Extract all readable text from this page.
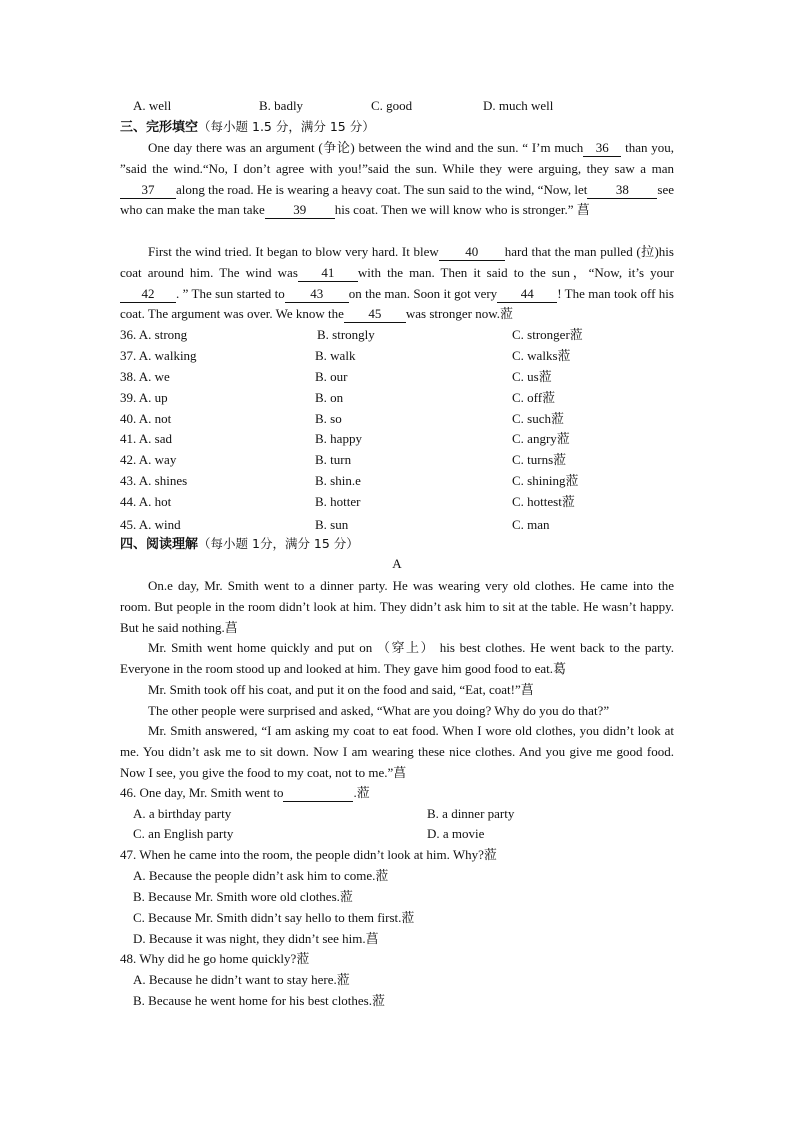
A. well	B. badly	C. good	D. much well
三、完形填空（每小题 1.5 分，满分 15 分）
One day there was an argument (争论) between the wind and the sun. “ I’m much 36 than you, ”said the wind.“No, I don’t agree with you!”said the sun. While they were arguing, they saw a man37 along the road. He is wearing a heavy coat. The sun said to the wind, “Now, let 38 see who can make the man take 39 his coat. Then we will know who is stronger.” 菖
First the wind tried. It began to blow very hard. It blew 40 hard that the man pulled (拉)his coat around him. The wind was 41 with the man. Then it said to the sun，“Now, it’s your 42 . ” The sun started to 43 on the man. Soon it got very 44 ! The man took off his coat. The argument was over. We know the 45 was stronger now.蒞
36. A. strong	B. strongly	C. stronger蒞
37. A. walking	B. walk	C. walks蒞
38. A. we	B. our	C. us蒞
39. A. up	B. on	C. off蒞
40. A. not	B. so	C. such蒞
41. A. sad	B. happy	C. angry蒞
42. A. way	B. turn	C. turns蒞
43. A. shines	B. shin.e	C. shining蒞
44. A. hot	B. hotter	C. hottest蒞
45. A. wind	B. sun	C. man
四、阅读理解（每小题 1分，满分 15 分）
A
On.e day, Mr. Smith went to a dinner party. He was wearing very old clothes. He came into the room. But people in the room didn’t look at him. They didn’t ask him to sit at the table. He wasn’t happy. But he said nothing.菖
Mr. Smith went home quickly and put on （穿上） his best clothes. He went back to the party. Everyone in the room stood up and looked at him. They gave him good food to eat.葛
Mr. Smith took off his coat, and put it on the food and said, “Eat, coat!”菖
The other people were surprised and asked, “What are you doing? Why do you do that?”
Mr. Smith answered, “I am asking my coat to eat food. When I wore old clothes, you didn’t look at me. You didn’t ask me to sit down. Now I am wearing these nice clothes. And you give me good food. Now I see, you give the food to my coat, not to me.”菖
46. One day, Mr. Smith went to	.蒞
A. a birthday party	B. a dinner party
C. an English party	D. a movie
47. When he came into the room, the people didn’t look at him. Why?蒞
A. Because the people didn’t ask him to come.蒞
B. Because Mr. Smith wore old clothes.蒞
C. Because Mr. Smith didn’t say hello to them first.蒞
D. Because it was night, they didn’t see him.菖
48. Why did he go home quickly?蒞
A. Because he didn’t want to stay here.蒞
B. Because he went home for his best clothes.蒞
